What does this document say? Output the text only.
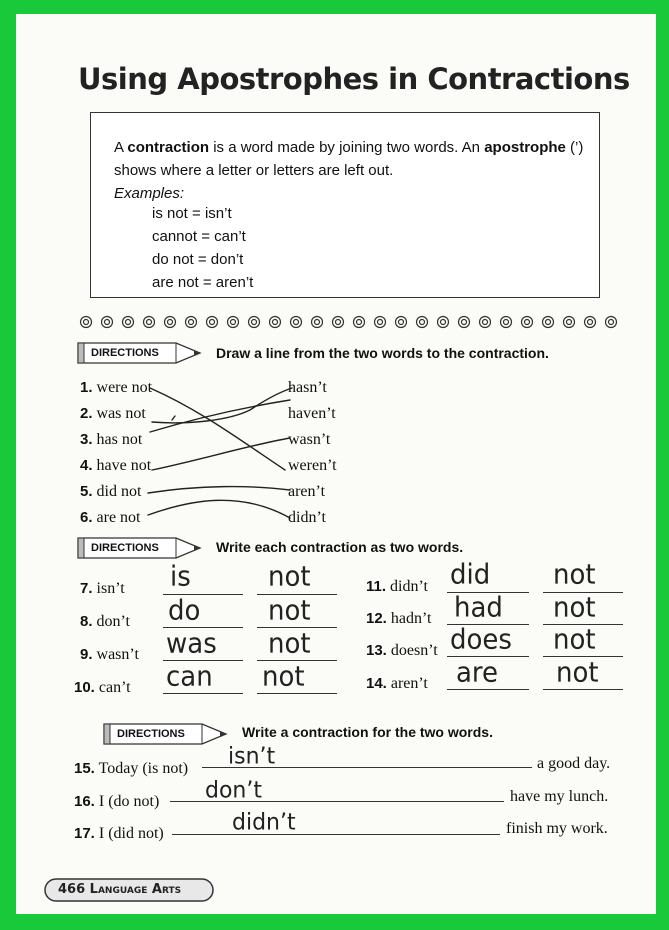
Using Apostrophes in Contractions
A contraction is a word made by joining two words. An apostrophe (’) shows where a letter or letters are left out.
Examples:
is not = isn’t
cannot = can’t
do not = don’t
are not = aren’t
DIRECTIONS	Draw a line from the two words to the contraction.
1. were not
2. was not
3. has not
4. have not
5. did not
6. are not
hasn’t
haven’t
wasn’t
weren’t
aren’t
didn’t
DIRECTIONS	Write each contraction as two words.
7. isn’t is	not
8. don’t do	not
9. wasn’t was not
10. can’t can not
11. didn’t did not
12. hadn’t had not
13. doesn’t does not
14. aren’t are not
DIRECTIONS	Write a contraction for the two words.
15. Today (is not) isn’t	a good day.
16. I (do not) don’t	have my lunch.
17. I (did not)	didn’t	finish my work.
466 Language Arts
